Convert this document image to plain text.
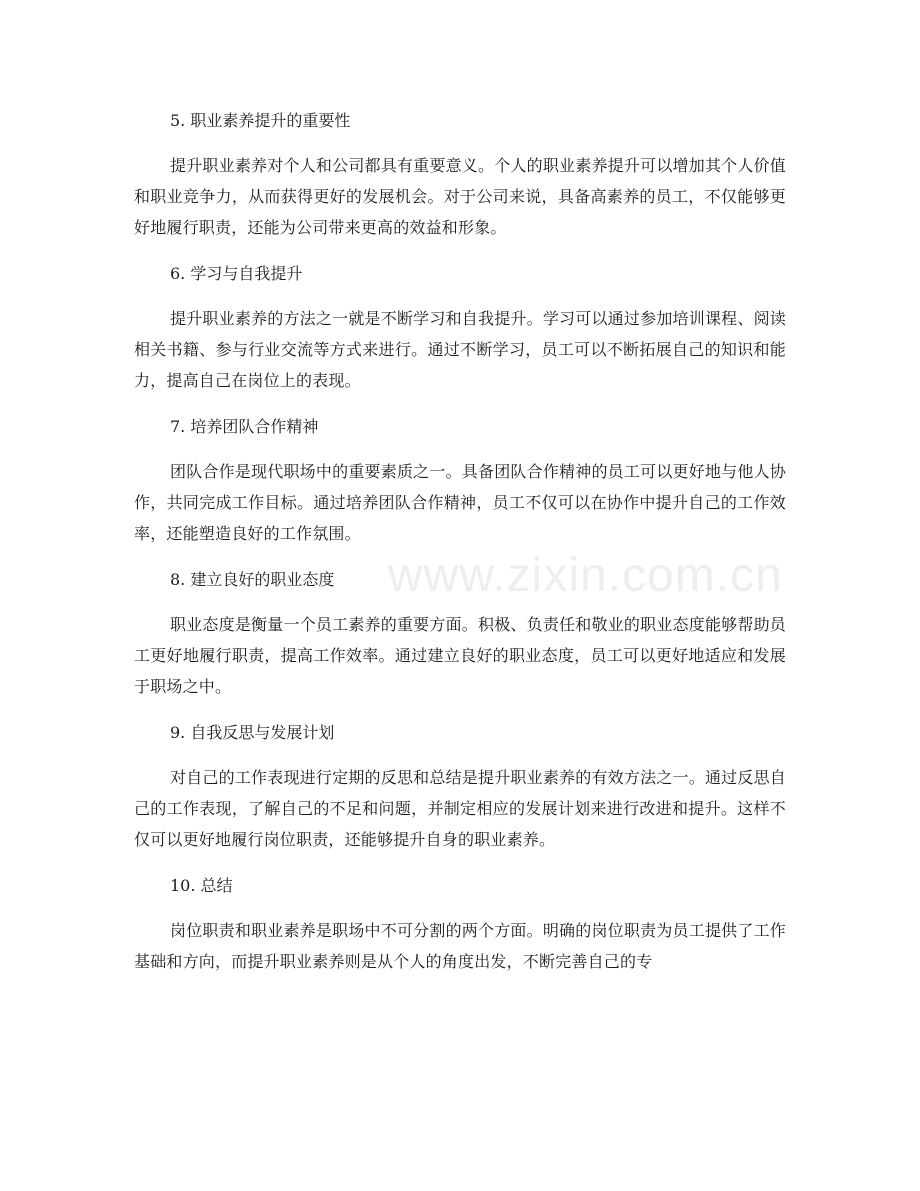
5. 职业素养提升的重要性

提升职业素养对个人和公司都具有重要意义。个人的职业素养提升可以增加其个人价值和职业竞争力，从而获得更好的发展机会。对于公司来说，具备高素养的员工，不仅能够更好地履行职责，还能为公司带来更高的效益和形象。

6. 学习与自我提升

提升职业素养的方法之一就是不断学习和自我提升。学习可以通过参加培训课程、阅读相关书籍、参与行业交流等方式来进行。通过不断学习，员工可以不断拓展自己的知识和能力，提高自己在岗位上的表现。

7. 培养团队合作精神

团队合作是现代职场中的重要素质之一。具备团队合作精神的员工可以更好地与他人协作，共同完成工作目标。通过培养团队合作精神，员工不仅可以在协作中提升自己的工作效率，还能塑造良好的工作氛围。

8. 建立良好的职业态度

职业态度是衡量一个员工素养的重要方面。积极、负责任和敬业的职业态度能够帮助员工更好地履行职责，提高工作效率。通过建立良好的职业态度，员工可以更好地适应和发展于职场之中。

9. 自我反思与发展计划

对自己的工作表现进行定期的反思和总结是提升职业素养的有效方法之一。通过反思自己的工作表现，了解自己的不足和问题，并制定相应的发展计划来进行改进和提升。这样不仅可以更好地履行岗位职责，还能够提升自身的职业素养。

10. 总结

岗位职责和职业素养是职场中不可分割的两个方面。明确的岗位职责为员工提供了工作基础和方向，而提升职业素养则是从个人的角度出发，不断完善自己的专

www.zixin.com.cn
